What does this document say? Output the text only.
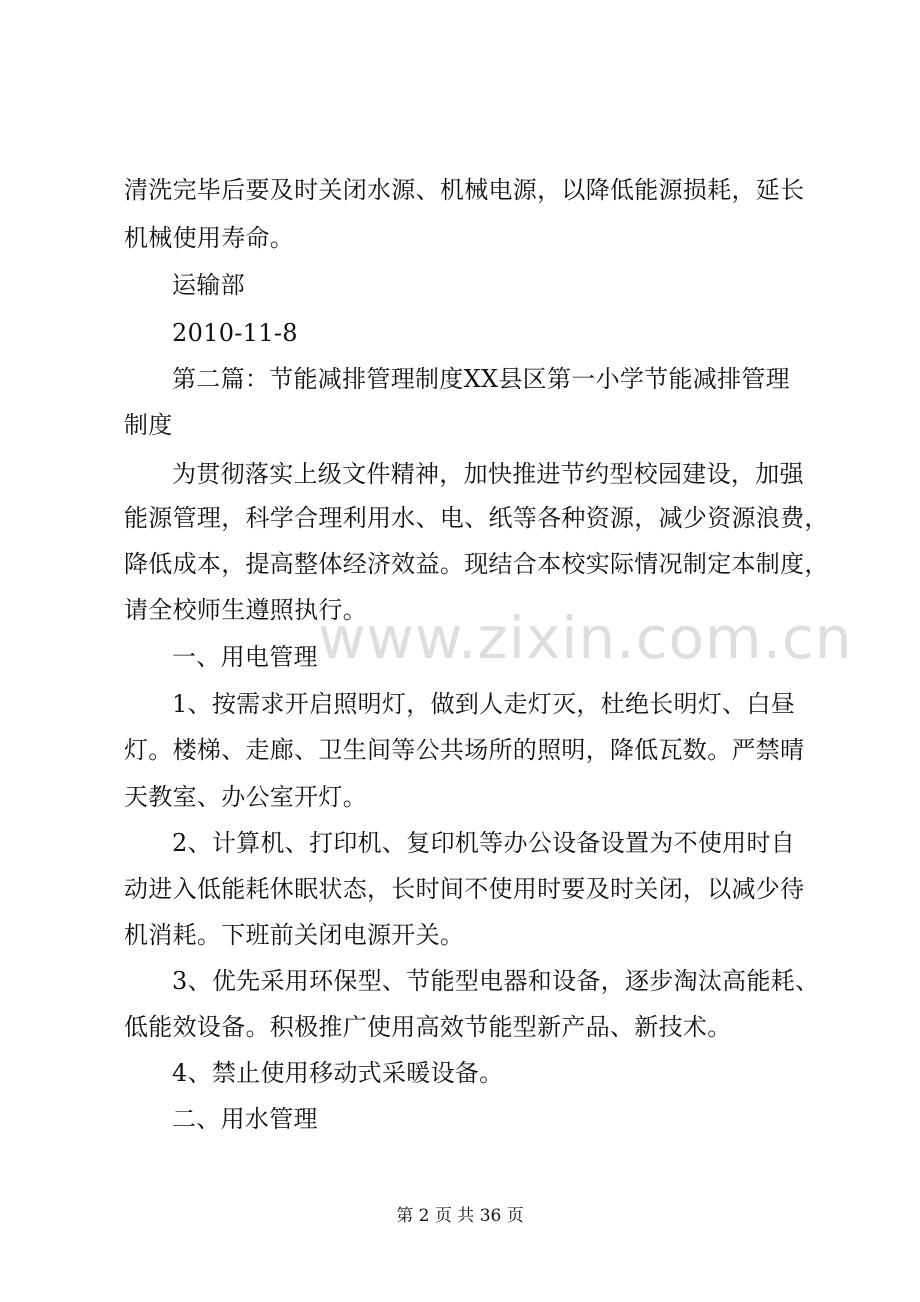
www.zixin.com.cn
清洗完毕后要及时关闭水源、机械电源，以降低能源损耗，延长
机械使用寿命。
运输部
2010-11-8
第二篇：节能减排管理制度XX县区第一小学节能减排管理
制度
为贯彻落实上级文件精神，加快推进节约型校园建设，加强
能源管理，科学合理利用水、电、纸等各种资源，减少资源浪费，
降低成本，提高整体经济效益。现结合本校实际情况制定本制度，
请全校师生遵照执行。
一、用电管理
1、按需求开启照明灯，做到人走灯灭，杜绝长明灯、白昼
灯。楼梯、走廊、卫生间等公共场所的照明，降低瓦数。严禁晴
天教室、办公室开灯。
2、计算机、打印机、复印机等办公设备设置为不使用时自
动进入低能耗休眠状态，长时间不使用时要及时关闭，以减少待
机消耗。下班前关闭电源开关。
3、优先采用环保型、节能型电器和设备，逐步淘汰高能耗、
低能效设备。积极推广使用高效节能型新产品、新技术。
4、禁止使用移动式采暖设备。
二、用水管理
第 2 页 共 36 页
